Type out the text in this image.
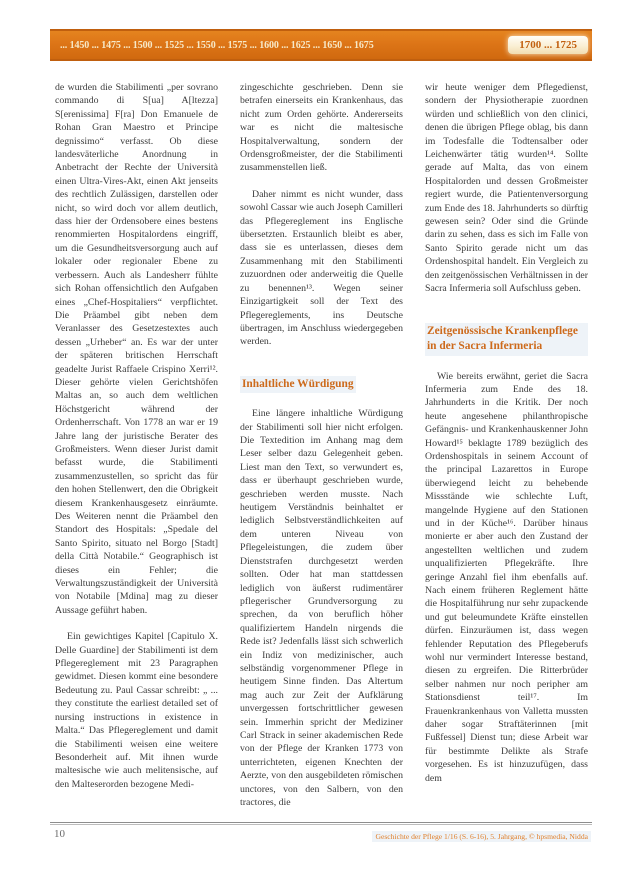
... 1450 ... 1475 ... 1500 ... 1525 ... 1550 ... 1575 ... 1600 ... 1625 ... 1650 ... 1675	1700 ... 1725

de wurden die Stabilimenti „per sovrano commando di S[ua] A[ltezza] S[erenissima] F[ra] Don Emanuele de Rohan Gran Maestro et Principe degnissimo“ verfasst. Ob diese landesväterliche Anordnung in Anbetracht der Rechte der Università einen Ultra-Vires-Akt, einen Akt jenseits des rechtlich Zulässigen, darstellen oder nicht, so wird doch vor allem deutlich, dass hier der Ordensobere eines bestens renommierten Hospitalordens eingriff, um die Gesundheitsversorgung auch auf lokaler oder regionaler Ebene zu verbessern. Auch als Landesherr fühlte sich Rohan offensichtlich den Aufgaben eines „Chef-Hospitaliers“ verpflichtet. Die Präambel gibt neben dem Veranlasser des Gesetzestextes auch dessen „Urheber“ an. Es war der unter der späteren britischen Herrschaft geadelte Jurist Raffaele Crispino Xerri¹². Dieser gehörte vielen Gerichtshöfen Maltas an, so auch dem weltlichen Höchstgericht während der Ordenherrschaft. Von 1778 an war er 19 Jahre lang der juristische Berater des Großmeisters. Wenn dieser Jurist damit befasst wurde, die Stabilimenti zusammenzustellen, so spricht das für den hohen Stellenwert, den die Obrigkeit diesem Krankenhausgesetz einräumte. Des Weiteren nennt die Präambel den Standort des Hospitals: „Spedale del Santo Spirito, situato nel Borgo [Stadt] della Città Notabile.“ Geographisch ist dieses ein Fehler; die Verwaltungszuständigkeit der Università von Notabile [Mdina] mag zu dieser Aussage geführt haben.

Ein gewichtiges Kapitel [Capitulo X. Delle Guardine] der Stabilimenti ist dem Pflegereglement mit 23 Paragraphen gewidmet. Diesen kommt eine besondere Bedeutung zu. Paul Cassar schreibt: „ ... they constitute the earliest detailed set of nursing instructions in existence in Malta.“ Das Pflegereglement und damit die Stabilimenti weisen eine weitere Besonderheit auf. Mit ihnen wurde maltesische wie auch melitensische, auf den Malteserorden bezogene Medi-

zingeschichte geschrieben. Denn sie betrafen einerseits ein Krankenhaus, das nicht zum Orden gehörte. Andererseits war es nicht die maltesische Hospitalverwaltung, sondern der Ordensgroßmeister, der die Stabilimenti zusammenstellen ließ.

Daher nimmt es nicht wunder, dass sowohl Cassar wie auch Joseph Camilleri das Pflegereglement ins Englische übersetzten. Erstaunlich bleibt es aber, dass sie es unterlassen, dieses dem Zusammenhang mit den Stabilimenti zuzuordnen oder anderweitig die Quelle zu benennen¹³. Wegen seiner Einzigartigkeit soll der Text des Pflegereglements, ins Deutsche übertragen, im Anschluss wiedergegeben werden.

Inhaltliche Würdigung

Eine längere inhaltliche Würdigung der Stabilimenti soll hier nicht erfolgen. Die Textedition im Anhang mag dem Leser selber dazu Gelegenheit geben. Liest man den Text, so verwundert es, dass er überhaupt geschrieben wurde, geschrieben werden musste. Nach heutigem Verständnis beinhaltet er lediglich Selbstverständlichkeiten auf dem unteren Niveau von Pflegeleistungen, die zudem über Dienststrafen durchgesetzt werden sollten. Oder hat man stattdessen lediglich von äußerst rudimentärer pflegerischer Grundversorgung zu sprechen, da von beruflich höher qualifiziertem Handeln nirgends die Rede ist? Jedenfalls lässt sich schwerlich ein Indiz von medizinischer, auch selbständig vorgenommener Pflege in heutigem Sinne finden. Das Altertum mag auch zur Zeit der Aufklärung unvergessen fortschrittlicher gewesen sein. Immerhin spricht der Mediziner Carl Strack in seiner akademischen Rede von der Pflege der Kranken 1773 von unterrichteten, eigenen Knechten der Aerzte, von den ausgebildeten römischen unctores, von den Salbern, von den tractores, die

wir heute weniger dem Pflegedienst, sondern der Physiotherapie zuordnen würden und schließlich von den clinici, denen die übrigen Pflege oblag, bis dann im Todesfalle die Todtensalber oder Leichenwärter tätig wurden¹⁴. Sollte gerade auf Malta, das von einem Hospitalorden und dessen Großmeister regiert wurde, die Patientenversorgung zum Ende des 18. Jahrhunderts so dürftig gewesen sein? Oder sind die Gründe darin zu sehen, dass es sich im Falle von Santo Spirito gerade nicht um das Ordenshospital handelt. Ein Vergleich zu den zeitgenössischen Verhältnissen in der Sacra Infermeria soll Aufschluss geben.

Zeitgenössische Krankenpflege in der Sacra Infermeria

Wie bereits erwähnt, geriet die Sacra Infermeria zum Ende des 18. Jahrhunderts in die Kritik. Der noch heute angesehene philanthropische Gefängnis- und Krankenhauskenner John Howard¹⁵ beklagte 1789 bezüglich des Ordenshospitals in seinem Account of the principal Lazarettos in Europe überwiegend leicht zu behebende Missstände wie schlechte Luft, mangelnde Hygiene auf den Stationen und in der Küche¹⁶. Darüber hinaus monierte er aber auch den Zustand der angestellten weltlichen und zudem unqualifizierten Pflegekräfte. Ihre geringe Anzahl fiel ihm ebenfalls auf. Nach einem früheren Reglement hätte die Hospitalführung nur sehr zupackende und gut beleumundete Kräfte einstellen dürfen. Einzuräumen ist, dass wegen fehlender Reputation des Pflegeberufs wohl nur vermindert Interesse bestand, diesen zu ergreifen. Die Ritterbrüder selber nahmen nur noch peripher am Stationsdienst teil¹⁷. Im Frauenkrankenhaus von Valletta mussten daher sogar Straftäterinnen [mit Fußfessel] Dienst tun; diese Arbeit war für bestimmte Delikte als Strafe vorgesehen. Es ist hinzuzufügen, dass dem

10	Geschichte der Pflege 1/16 (S. 6-16), 5. Jahrgang, © hpsmedia, Nidda
